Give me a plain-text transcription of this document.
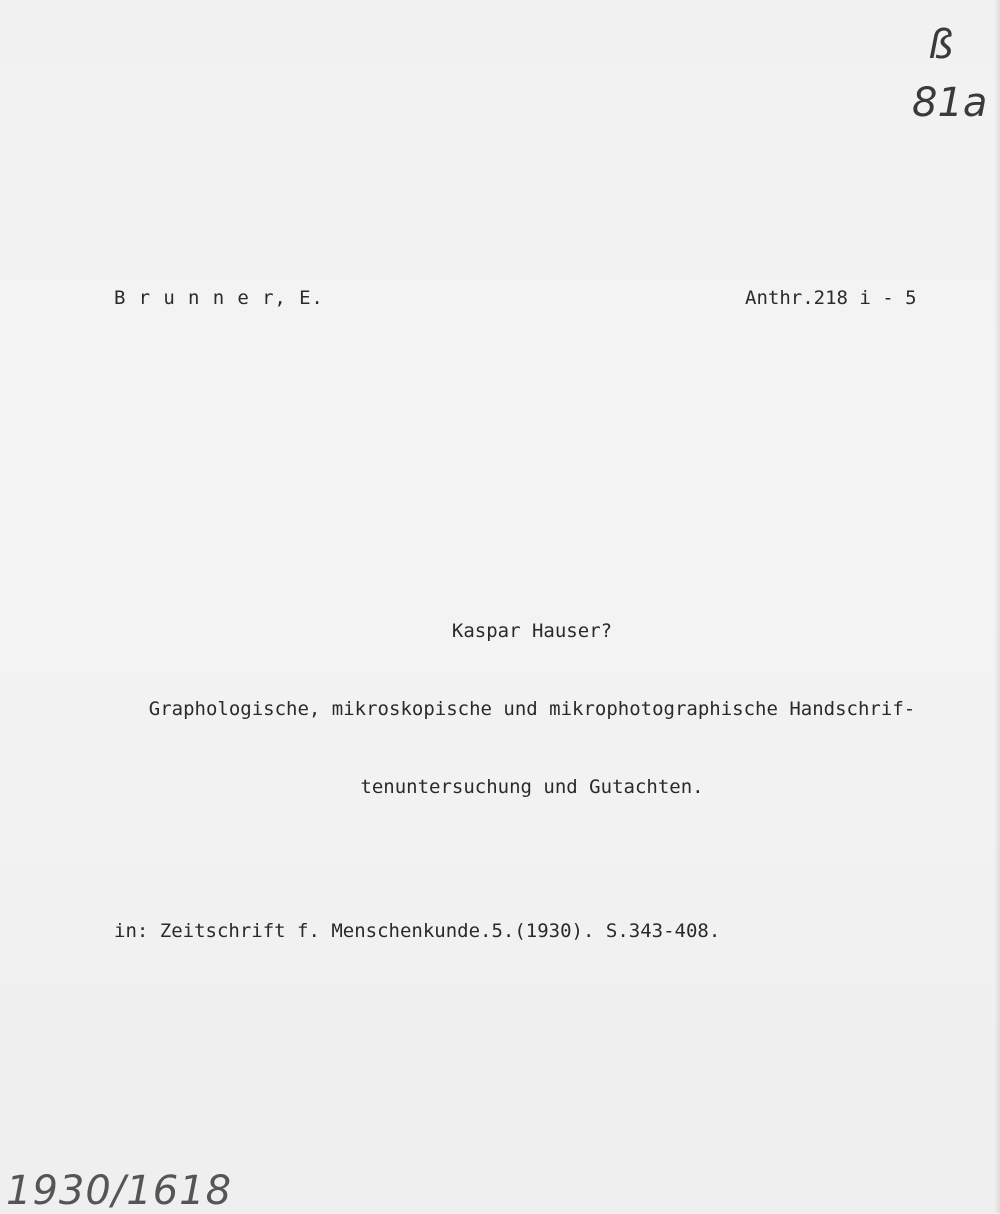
ß
81a
B r u n n e r, E.	Anthr.218 i - 5

Kaspar Hauser?

Graphologische, mikroskopische und mikrophotographische Handschrif-

tenuntersuchung und Gutachten.

in: Zeitschrift f. Menschenkunde.5.(1930). S.343-408.
1930/1618
